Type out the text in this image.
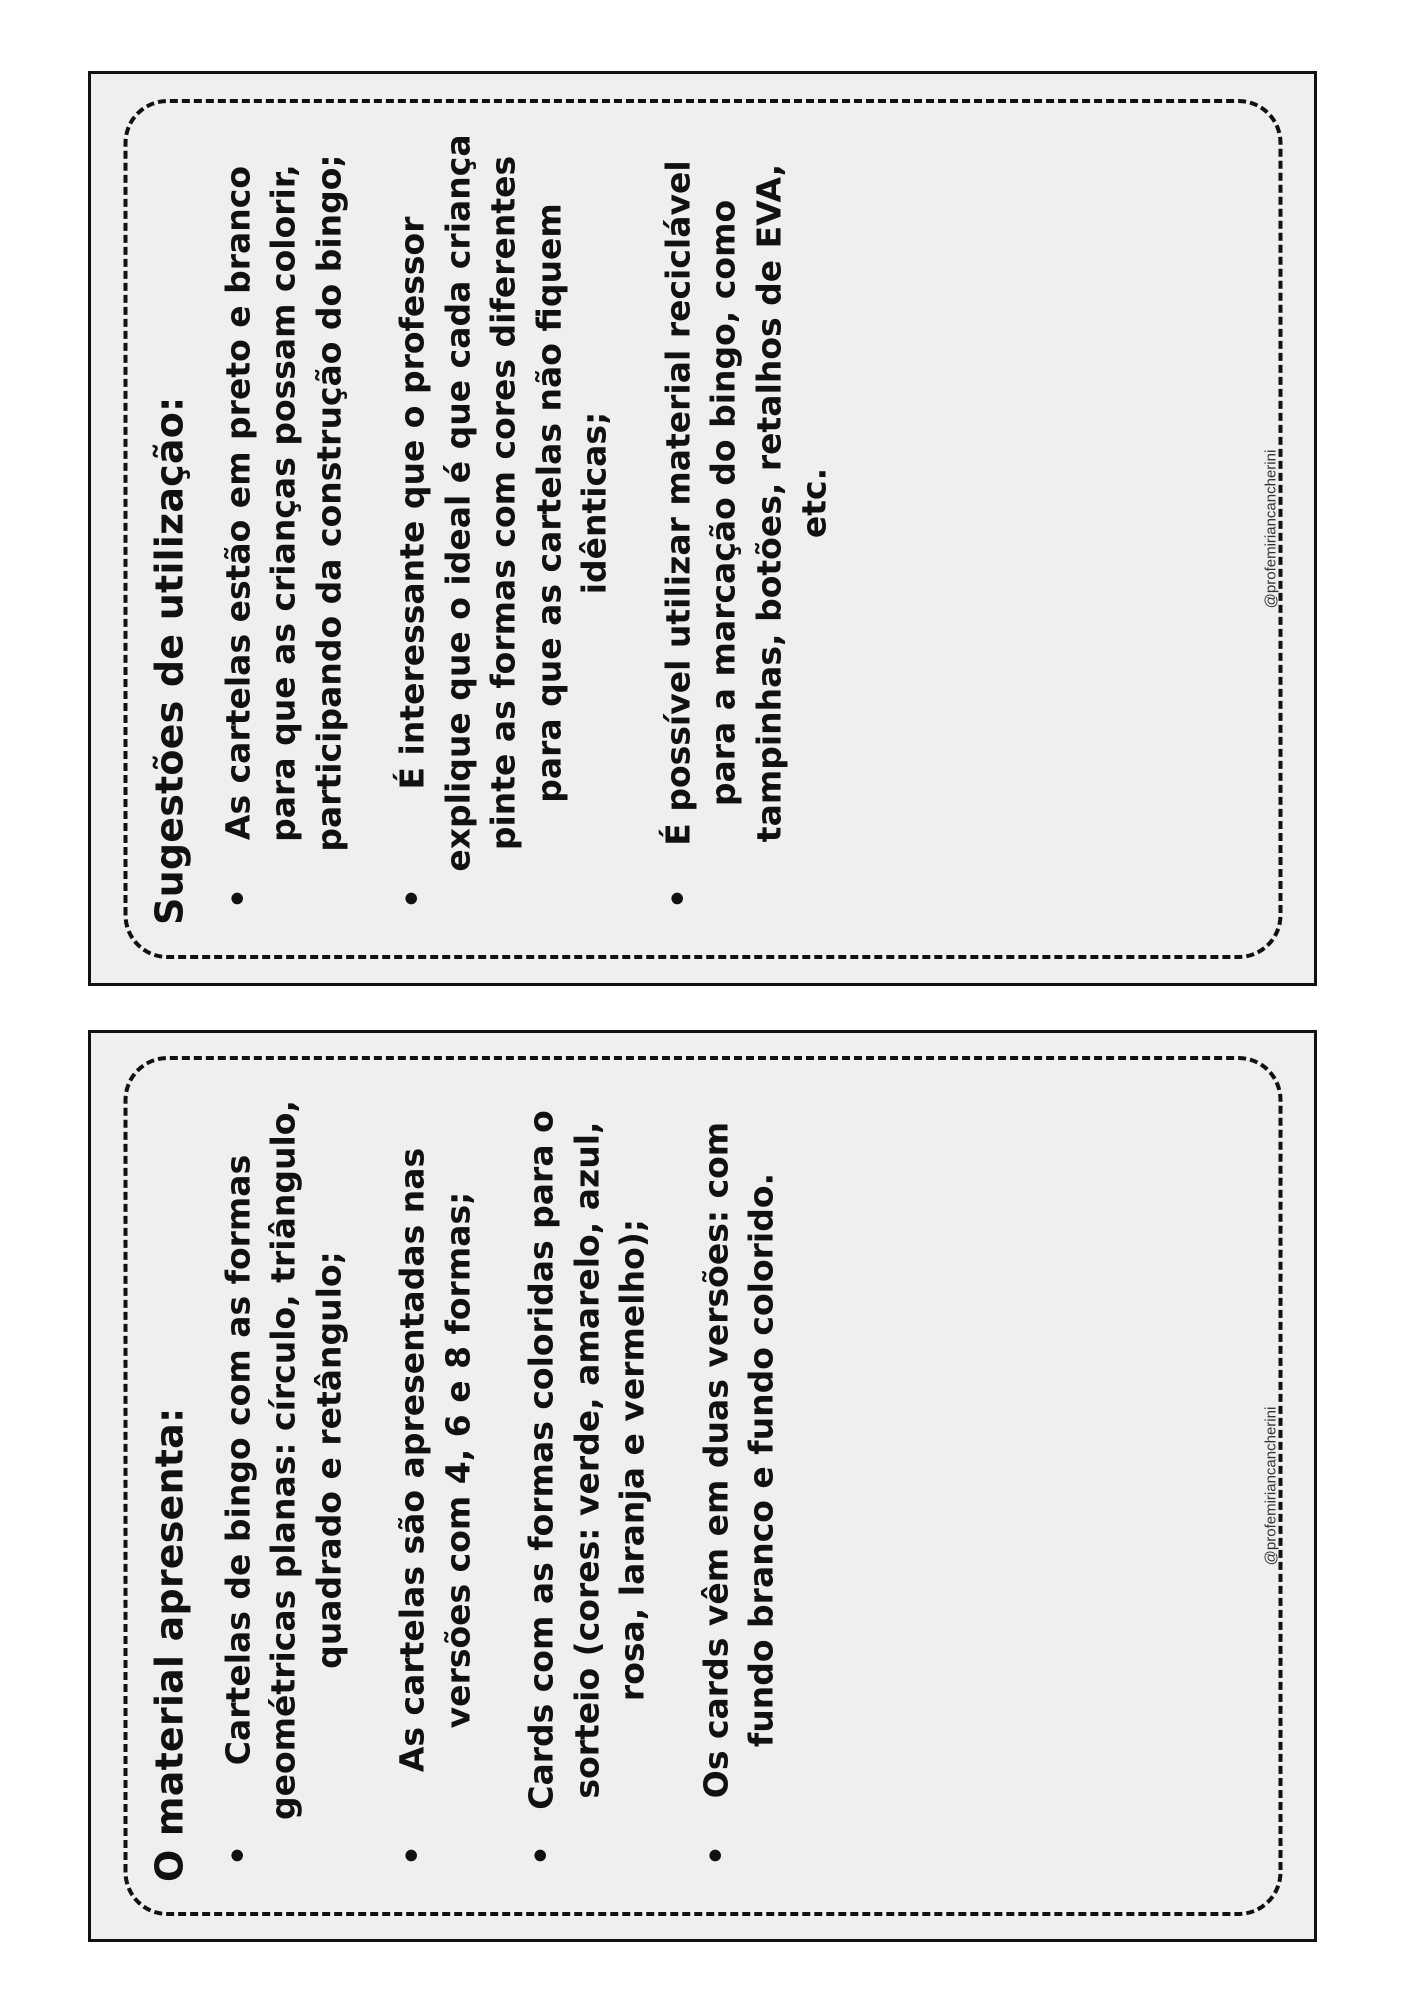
Sugestões de utilização: •
As cartelas estão em preto e branco para que as crianças possam colorir, participando da construção do bingo;
•
É interessante que o professor explique que o ideal é que cada criança pinte as formas com cores diferentes para que as cartelas não fiquem idênticas;
•
É possível utilizar material reciclável para a marcação do bingo, como tampinhas, botões, retalhos de EVA, etc.	@profemiriancancherini
O material apresenta: •
Cartelas de bingo com as formas geométricas planas: círculo, triângulo, quadrado e retângulo;
•
As cartelas são apresentadas nas versões com 4, 6 e 8 formas;
•
Cards com as formas coloridas para o sorteio (cores: verde, amarelo, azul, rosa, laranja e vermelho);
•
Os cards vêm em duas versões: com fundo branco e fundo colorido.	@profemiriancancherini
